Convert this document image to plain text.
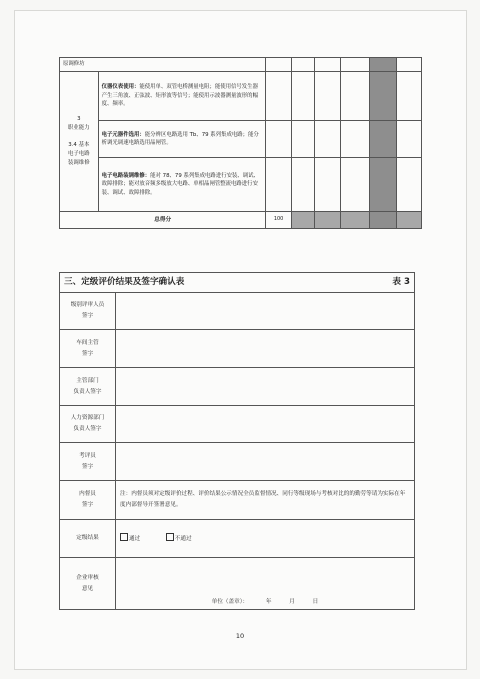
原调修坊							

3
职业能力
3.4 基本
电子电路
装调维修	仪器仪表使用：能使用单、双管电桥测量电阻；能使用信号发生器产生三角波、正弦波、矩形波等信号；能使用示波器测量波形的幅度、频率。						
	电子元器件选用：能分辨区电路选用 Tb、79 系列集成电路；能分析调光调速电路选用晶闸管。						
	电子电路装调维修：能对 78、79 系列集成电路进行安装、调试、故障排除；能对放音频多级放大电路、单相晶闸管整流电路进行安装、调试、故障排除。						
总得分		100					
三、定级评价结果及签字确认表 表 3	

级别评审人员
签字	

车间主管
签字	

主管部门
负责人签字	

人力资源部门
负责人签字	

考评员
签字	

内督员
签字	注：内督员须对定级评价过程、评价结果公示情况全员监督情况、同行等级现场与考核对比的的勤劳等请为实际在年度内部督导开签署意见。
定级结果	通过 不通过

企业审核
意见	单位（盖章）： 年 月 日
10
